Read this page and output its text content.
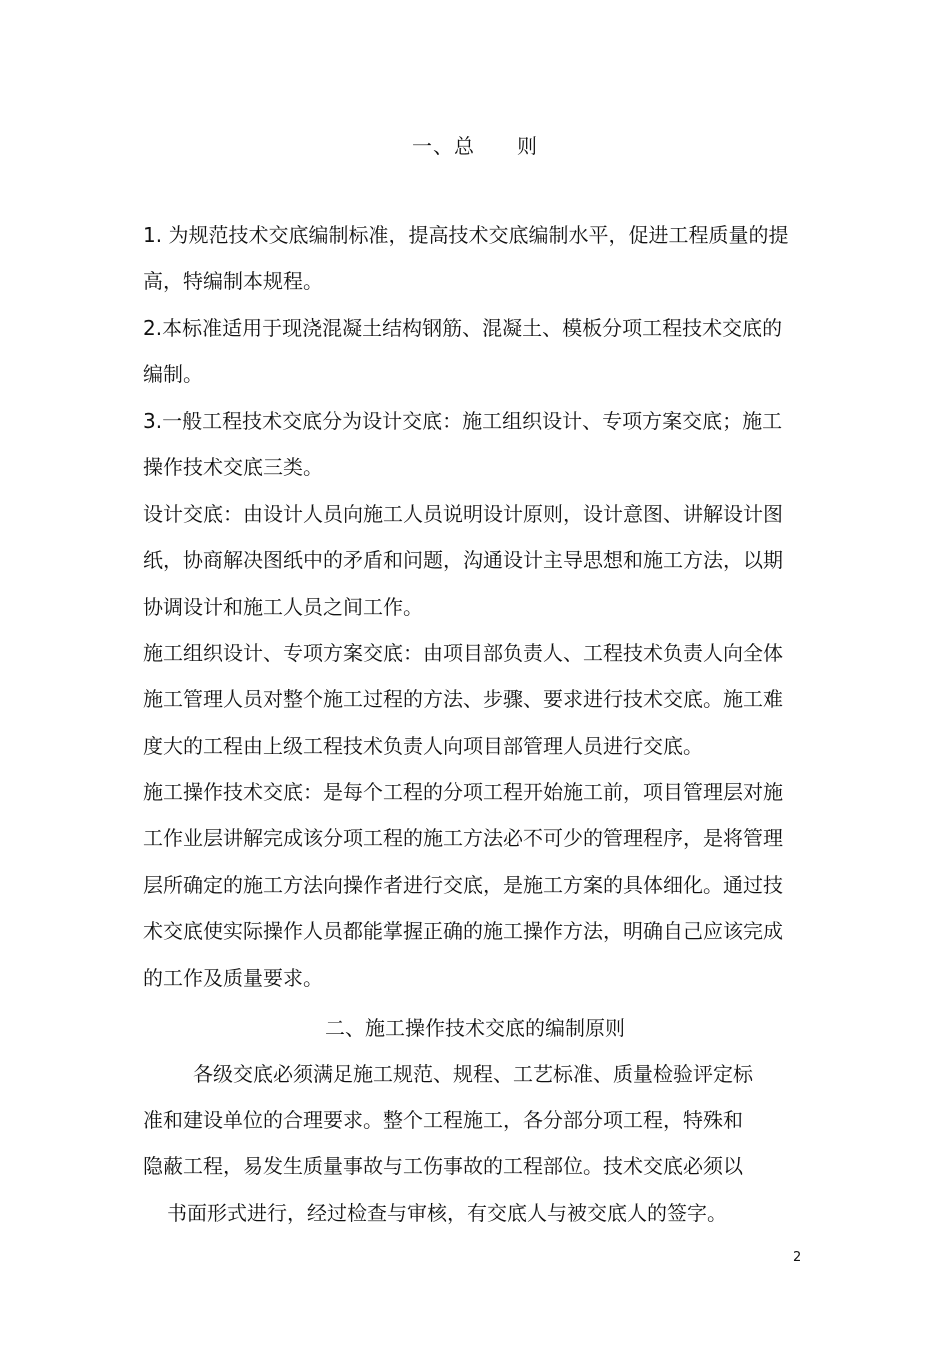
一、总　　则

1. 为规范技术交底编制标准，提高技术交底编制水平，促进工程质量的提
高，特编制本规程。

2.本标准适用于现浇混凝土结构钢筋、混凝土、模板分项工程技术交底的
编制。

3.一般工程技术交底分为设计交底：施工组织设计、专项方案交底；施工
操作技术交底三类。

设计交底：由设计人员向施工人员说明设计原则，设计意图、讲解设计图
纸，协商解决图纸中的矛盾和问题，沟通设计主导思想和施工方法，以期
协调设计和施工人员之间工作。

施工组织设计、专项方案交底：由项目部负责人、工程技术负责人向全体
施工管理人员对整个施工过程的方法、步骤、要求进行技术交底。施工难
度大的工程由上级工程技术负责人向项目部管理人员进行交底。

施工操作技术交底：是每个工程的分项工程开始施工前，项目管理层对施
工作业层讲解完成该分项工程的施工方法必不可少的管理程序，是将管理
层所确定的施工方法向操作者进行交底，是施工方案的具体细化。通过技
术交底使实际操作人员都能掌握正确的施工操作方法，明确自己应该完成
的工作及质量要求。

二、施工操作技术交底的编制原则
各级交底必须满足施工规范、规程、工艺标准、质量检验评定标
准和建设单位的合理要求。整个工程施工，各分部分项工程，特殊和
隐蔽工程，易发生质量事故与工伤事故的工程部位。技术交底必须以
书面形式进行，经过检查与审核，有交底人与被交底人的签字。
2
